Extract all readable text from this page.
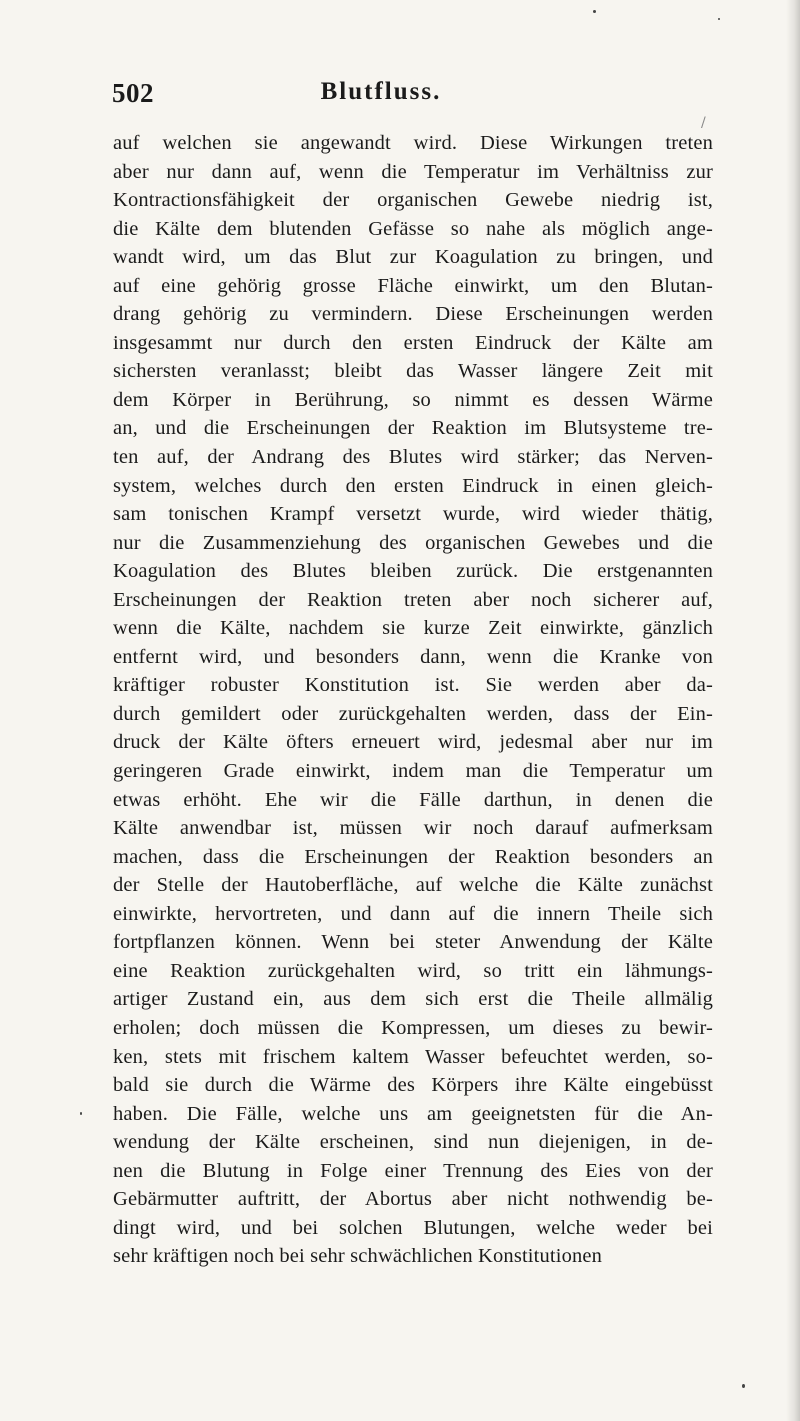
502	Blutfluss.
/
auf welchen sie angewandt wird. Diese Wirkungen treten
aber nur dann auf, wenn die Temperatur im Verhältniss zur
Kontractionsfähigkeit der organischen Gewebe niedrig ist,
die Kälte dem blutenden Gefässe so nahe als möglich ange-
wandt wird, um das Blut zur Koagulation zu bringen, und
auf eine gehörig grosse Fläche einwirkt, um den Blutan-
drang gehörig zu vermindern. Diese Erscheinungen werden
insgesammt nur durch den ersten Eindruck der Kälte am
sichersten veranlasst; bleibt das Wasser längere Zeit mit
dem Körper in Berührung, so nimmt es dessen Wärme
an, und die Erscheinungen der Reaktion im Blutsysteme tre-
ten auf, der Andrang des Blutes wird stärker; das Nerven-
system, welches durch den ersten Eindruck in einen gleich-
sam tonischen Krampf versetzt wurde, wird wieder thätig,
nur die Zusammenziehung des organischen Gewebes und die
Koagulation des Blutes bleiben zurück. Die erstgenannten
Erscheinungen der Reaktion treten aber noch sicherer auf,
wenn die Kälte, nachdem sie kurze Zeit einwirkte, gänzlich
entfernt wird, und besonders dann, wenn die Kranke von
kräftiger robuster Konstitution ist. Sie werden aber da-
durch gemildert oder zurückgehalten werden, dass der Ein-
druck der Kälte öfters erneuert wird, jedesmal aber nur im
geringeren Grade einwirkt, indem man die Temperatur um
etwas erhöht. Ehe wir die Fälle darthun, in denen die
Kälte anwendbar ist, müssen wir noch darauf aufmerksam
machen, dass die Erscheinungen der Reaktion besonders an
der Stelle der Hautoberfläche, auf welche die Kälte zunächst
einwirkte, hervortreten, und dann auf die innern Theile sich
fortpflanzen können. Wenn bei steter Anwendung der Kälte
eine Reaktion zurückgehalten wird, so tritt ein lähmungs-
artiger Zustand ein, aus dem sich erst die Theile allmälig
erholen; doch müssen die Kompressen, um dieses zu bewir-
ken, stets mit frischem kaltem Wasser befeuchtet werden, so-
bald sie durch die Wärme des Körpers ihre Kälte eingebüsst
haben. Die Fälle, welche uns am geeignetsten für die An-
wendung der Kälte erscheinen, sind nun diejenigen, in de-
nen die Blutung in Folge einer Trennung des Eies von der
Gebärmutter auftritt, der Abortus aber nicht nothwendig be-
dingt wird, und bei solchen Blutungen, welche weder bei
sehr kräftigen noch bei sehr schwächlichen Konstitutionen
